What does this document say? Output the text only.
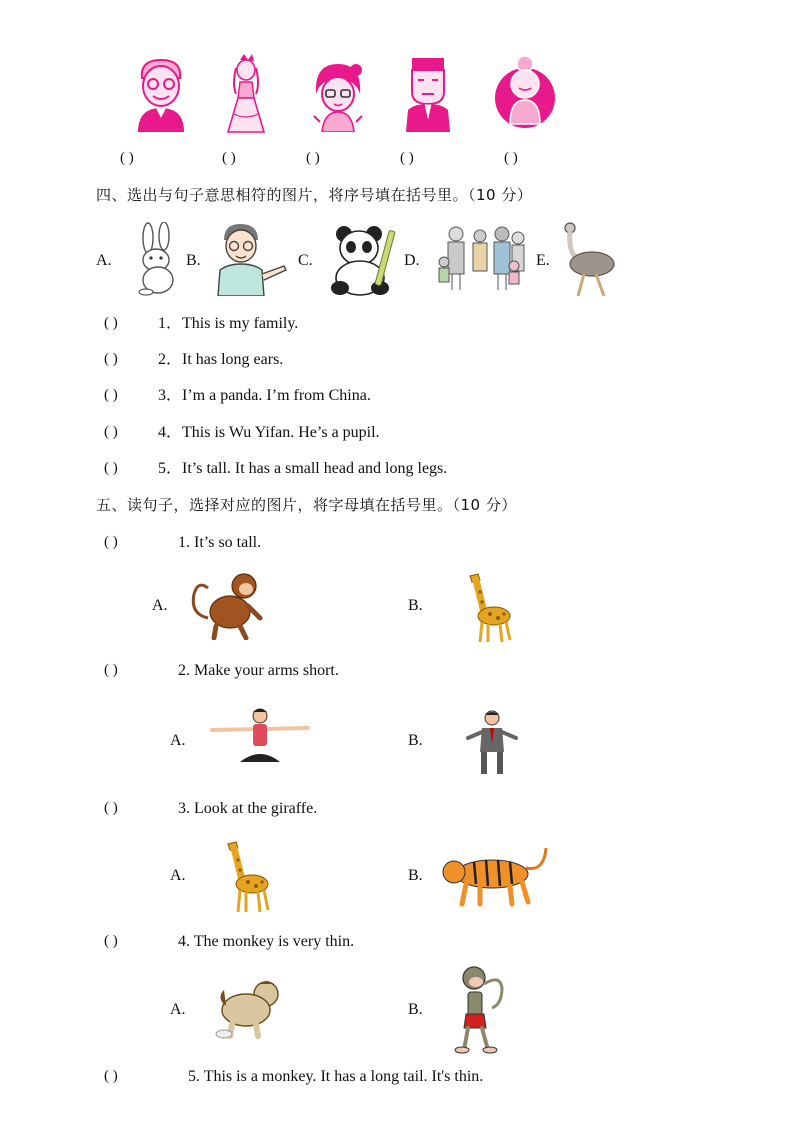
( )	( )	( )	( )	( )
四、选出与句子意思相符的图片，将序号填在括号里。（10 分）
A.	B.	C.	D.	E.
( )	1．This is my family.
( )	2．It has long ears.
( )	3．I’m a panda. I’m from China.
( )	4．This is Wu Yifan. He’s a pupil.
( )	5．It’s tall. It has a small head and long legs.
五、读句子，选择对应的图片，将字母填在括号里。（10 分）
( )	1. It’s so tall.
A.	B.
( )	2. Make your arms short.
A.	B.
( )	3. Look at the giraffe.
A.	B.
( )	4. The monkey is very thin.
A.	B.
( )	5. This is a monkey. It has a long tail. It's thin.
